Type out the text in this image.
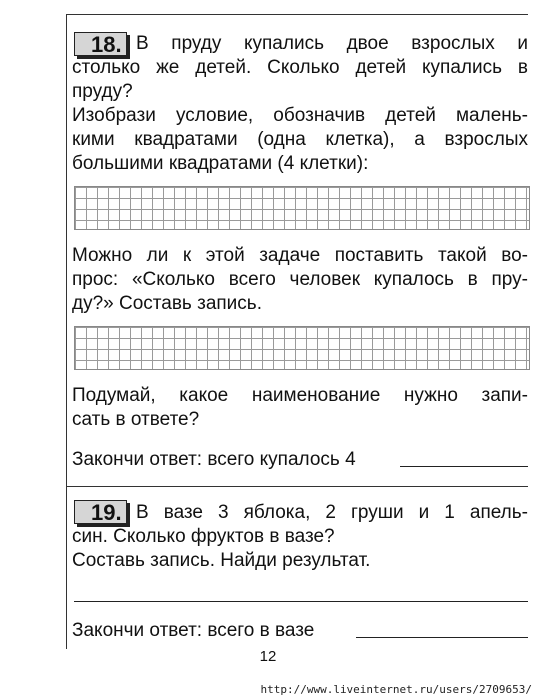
18. В пруду купались двое взрослых и
столько же детей. Сколько детей купались в
пруду?
Изобрази условие, обозначив детей малень-
кими квадратами (одна клетка), а взрослых
большими квадратами (4 клетки):
Можно ли к этой задаче поставить такой во-
прос: «Сколько всего человек купалось в пру-
ду?» Составь запись.
Подумай, какое наименование нужно запи-
сать в ответе?
Закончи ответ: всего купалось 4
19. В вазе 3 яблока, 2 груши и 1 апель-
син. Сколько фруктов в вазе?
Составь запись. Найди результат.
Закончи ответ: всего в вазе
12
http://www.liveinternet.ru/users/2709653/
